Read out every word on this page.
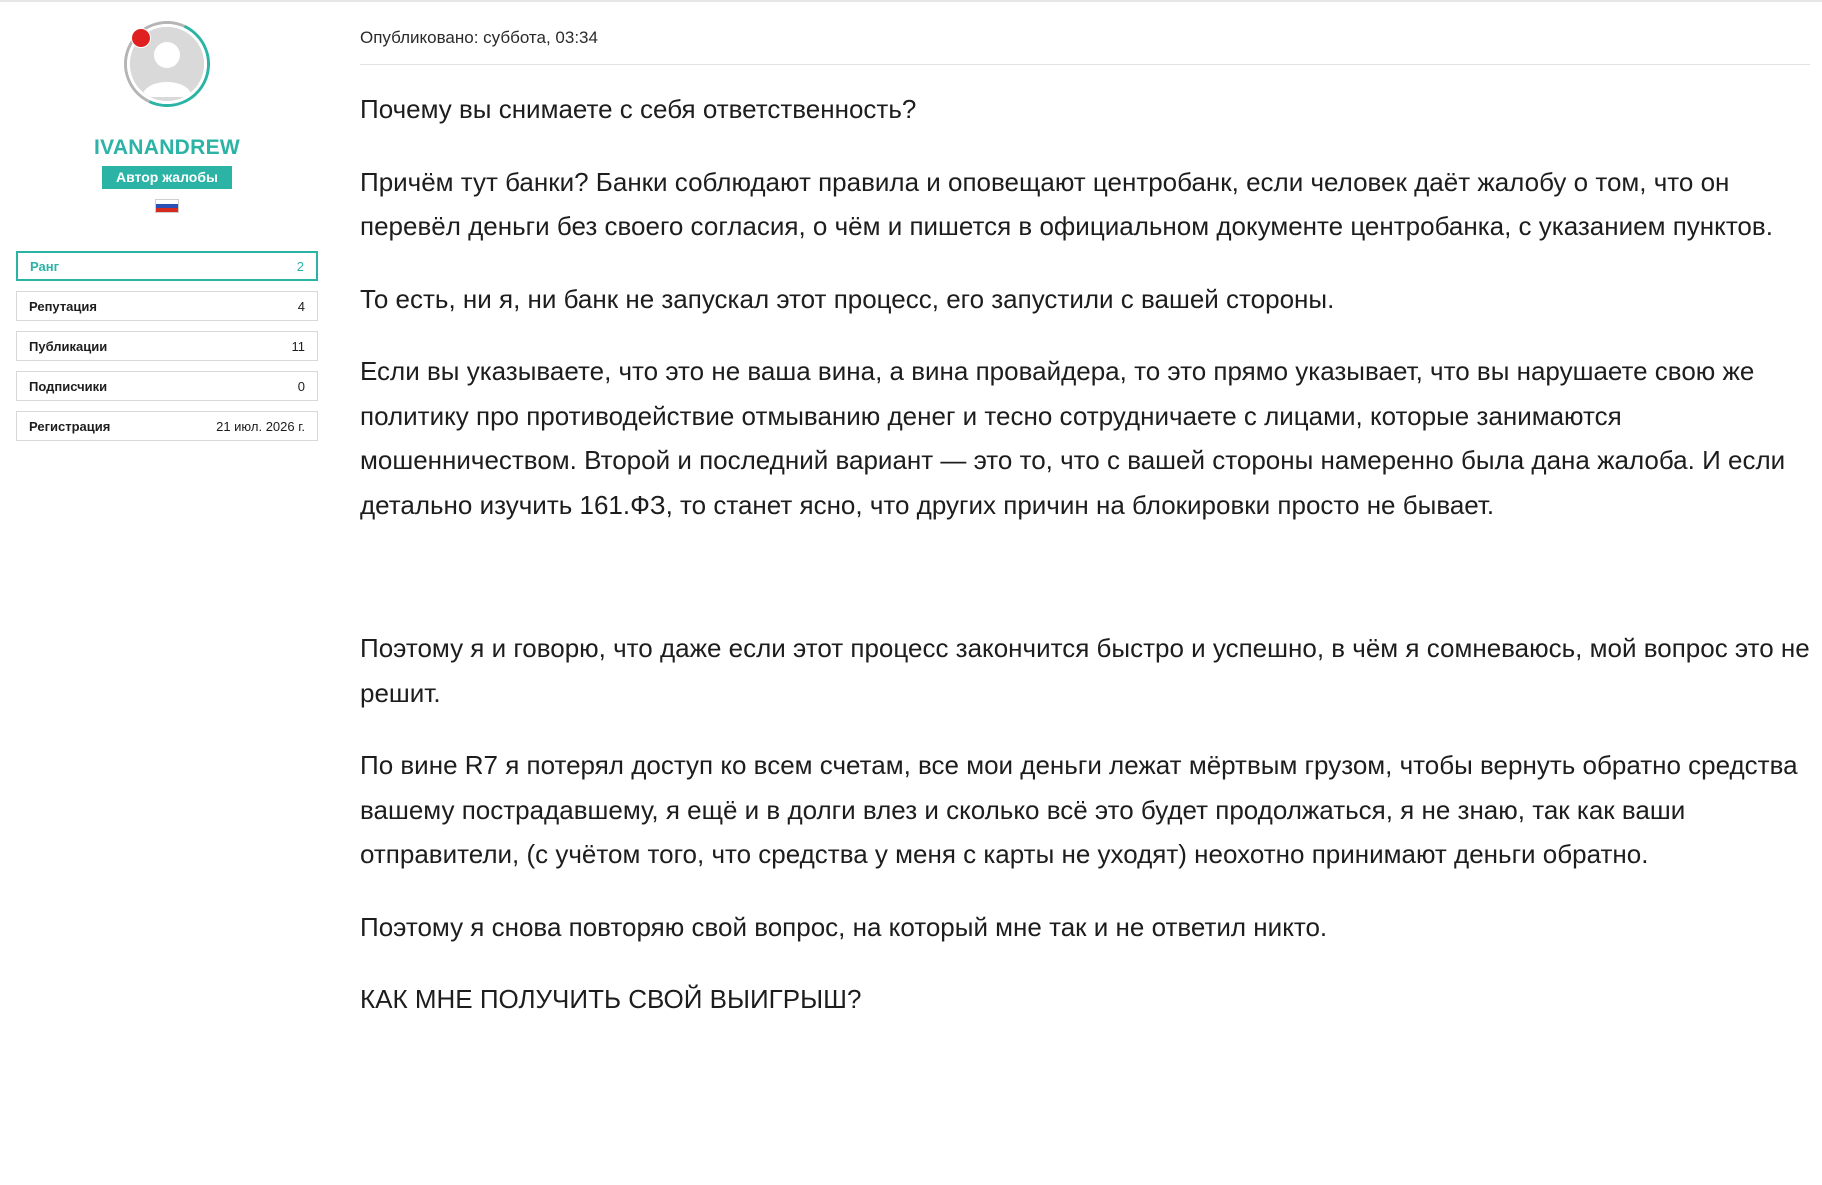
IVANANDREW
Автор жалобы
Ранг	2
Репутация	4
Публикации	11
Подписчики	0
Регистрация	21 июл. 2026 г.
Опубликовано: суббота, 03:34

Почему вы снимаете с себя ответственность?

Причём тут банки? Банки соблюдают правила и оповещают центробанк, если человек даёт жалобу о том, что он перевёл деньги без своего согласия, о чём и пишется в официальном документе центробанка, с указанием пунктов.

То есть, ни я, ни банк не запускал этот процесс, его запустили с вашей стороны.

Если вы указываете, что это не ваша вина, а вина провайдера, то это прямо указывает, что вы нарушаете свою же политику про противодействие отмыванию денег и тесно сотрудничаете с лицами, которые занимаются мошенничеством. Второй и последний вариант — это то, что с вашей стороны намеренно была дана жалоба. И если детально изучить 161.ФЗ, то станет ясно, что других причин на блокировки просто не бывает.

Поэтому я и говорю, что даже если этот процесс закончится быстро и успешно, в чём я сомневаюсь, мой вопрос это не решит.

По вине R7 я потерял доступ ко всем счетам, все мои деньги лежат мёртвым грузом, чтобы вернуть обратно средства вашему пострадавшему, я ещё и в долги влез и сколько всё это будет продолжаться, я не знаю, так как ваши отправители, (с учётом того, что средства у меня с карты не уходят) неохотно принимают деньги обратно.

Поэтому я снова повторяю свой вопрос, на который мне так и не ответил никто.

КАК МНЕ ПОЛУЧИТЬ СВОЙ ВЫИГРЫШ?
